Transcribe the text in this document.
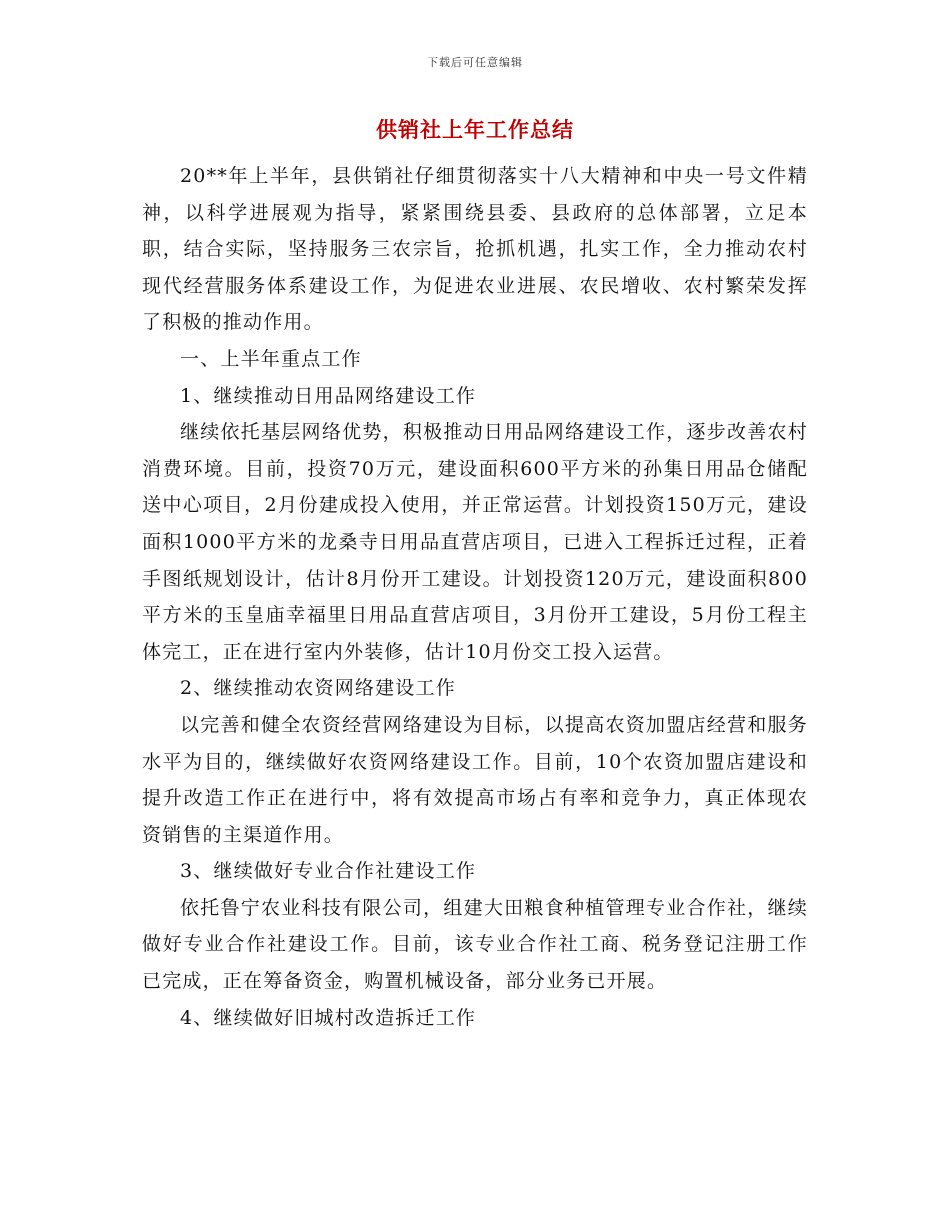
下载后可任意编辑
供销社上年工作总结

20**年上半年，县供销社仔细贯彻落实十八大精神和中央一号文件精神，以科学进展观为指导，紧紧围绕县委、县政府的总体部署，立足本职，结合实际，坚持服务三农宗旨，抢抓机遇，扎实工作，全力推动农村现代经营服务体系建设工作，为促进农业进展、农民增收、农村繁荣发挥了积极的推动作用。

一、上半年重点工作

1、继续推动日用品网络建设工作

继续依托基层网络优势，积极推动日用品网络建设工作，逐步改善农村消费环境。目前，投资70万元，建设面积600平方米的孙集日用品仓储配送中心项目，2月份建成投入使用，并正常运营。计划投资150万元，建设面积1000平方米的龙桑寺日用品直营店项目，已进入工程拆迁过程，正着手图纸规划设计，估计8月份开工建设。计划投资120万元，建设面积800平方米的玉皇庙幸福里日用品直营店项目，3月份开工建设，5月份工程主体完工，正在进行室内外装修，估计10月份交工投入运营。

2、继续推动农资网络建设工作

以完善和健全农资经营网络建设为目标，以提高农资加盟店经营和服务水平为目的，继续做好农资网络建设工作。目前，10个农资加盟店建设和提升改造工作正在进行中，将有效提高市场占有率和竞争力，真正体现农资销售的主渠道作用。

3、继续做好专业合作社建设工作

依托鲁宁农业科技有限公司，组建大田粮食种植管理专业合作社，继续做好专业合作社建设工作。目前，该专业合作社工商、税务登记注册工作已完成，正在筹备资金，购置机械设备，部分业务已开展。

4、继续做好旧城村改造拆迁工作
